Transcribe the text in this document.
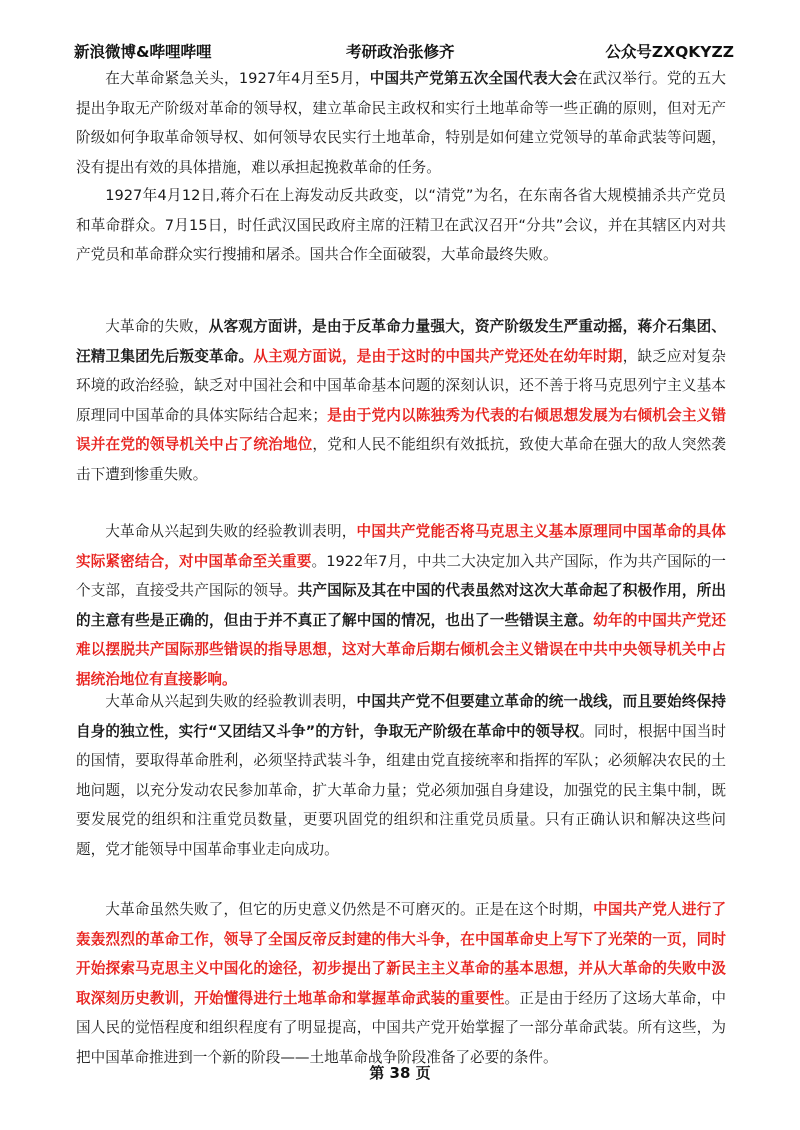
新浪微博&哔哩哔哩	考研政治张修齐	公众号ZXQKYZZ

在大革命紧急关头，1927年4月至5月，中国共产党第五次全国代表大会在武汉举行。党的五大提出争取无产阶级对革命的领导权，建立革命民主政权和实行土地革命等一些正确的原则，但对无产阶级如何争取革命领导权、如何领导农民实行土地革命，特别是如何建立党领导的革命武装等问题，没有提出有效的具体措施，难以承担起挽救革命的任务。

1927年4月12日,蒋介石在上海发动反共政变，以“清党”为名，在东南各省大规模捕杀共产党员和革命群众。7月15日，时任武汉国民政府主席的汪精卫在武汉召开“分共”会议，并在其辖区内对共产党员和革命群众实行搜捕和屠杀。国共合作全面破裂，大革命最终失败。

大革命的失败，从客观方面讲，是由于反革命力量强大，资产阶级发生严重动摇，蒋介石集团、汪精卫集团先后叛变革命。从主观方面说，是由于这时的中国共产党还处在幼年时期，缺乏应对复杂环境的政治经验，缺乏对中国社会和中国革命基本问题的深刻认识，还不善于将马克思列宁主义基本原理同中国革命的具体实际结合起来；是由于党内以陈独秀为代表的右倾思想发展为右倾机会主义错误并在党的领导机关中占了统治地位，党和人民不能组织有效抵抗，致使大革命在强大的敌人突然袭击下遭到惨重失败。

大革命从兴起到失败的经验教训表明，中国共产党能否将马克思主义基本原理同中国革命的具体实际紧密结合，对中国革命至关重要。1922年7月，中共二大决定加入共产国际，作为共产国际的一个支部，直接受共产国际的领导。共产国际及其在中国的代表虽然对这次大革命起了积极作用，所出的主意有些是正确的，但由于并不真正了解中国的情况，也出了一些错误主意。幼年的中国共产党还难以摆脱共产国际那些错误的指导思想，这对大革命后期右倾机会主义错误在中共中央领导机关中占据统治地位有直接影响。

大革命从兴起到失败的经验教训表明，中国共产党不但要建立革命的统一战线，而且要始终保持自身的独立性，实行“又团结又斗争”的方针，争取无产阶级在革命中的领导权。同时，根据中国当时的国情，要取得革命胜利，必须坚持武装斗争，组建由党直接统率和指挥的军队；必须解决农民的土地问题，以充分发动农民参加革命，扩大革命力量；党必须加强自身建设，加强党的民主集中制，既要发展党的组织和注重党员数量，更要巩固党的组织和注重党员质量。只有正确认识和解决这些问题，党才能领导中国革命事业走向成功。

大革命虽然失败了，但它的历史意义仍然是不可磨灭的。正是在这个时期，中国共产党人进行了轰轰烈烈的革命工作，领导了全国反帝反封建的伟大斗争，在中国革命史上写下了光荣的一页，同时开始探索马克思主义中国化的途径，初步提出了新民主主义革命的基本思想，并从大革命的失败中汲取深刻历史教训，开始懂得进行土地革命和掌握革命武装的重要性。正是由于经历了这场大革命，中国人民的觉悟程度和组织程度有了明显提高，中国共产党开始掌握了一部分革命武装。所有这些，为把中国革命推进到一个新的阶段——土地革命战争阶段准备了必要的条件。

第 38 页
